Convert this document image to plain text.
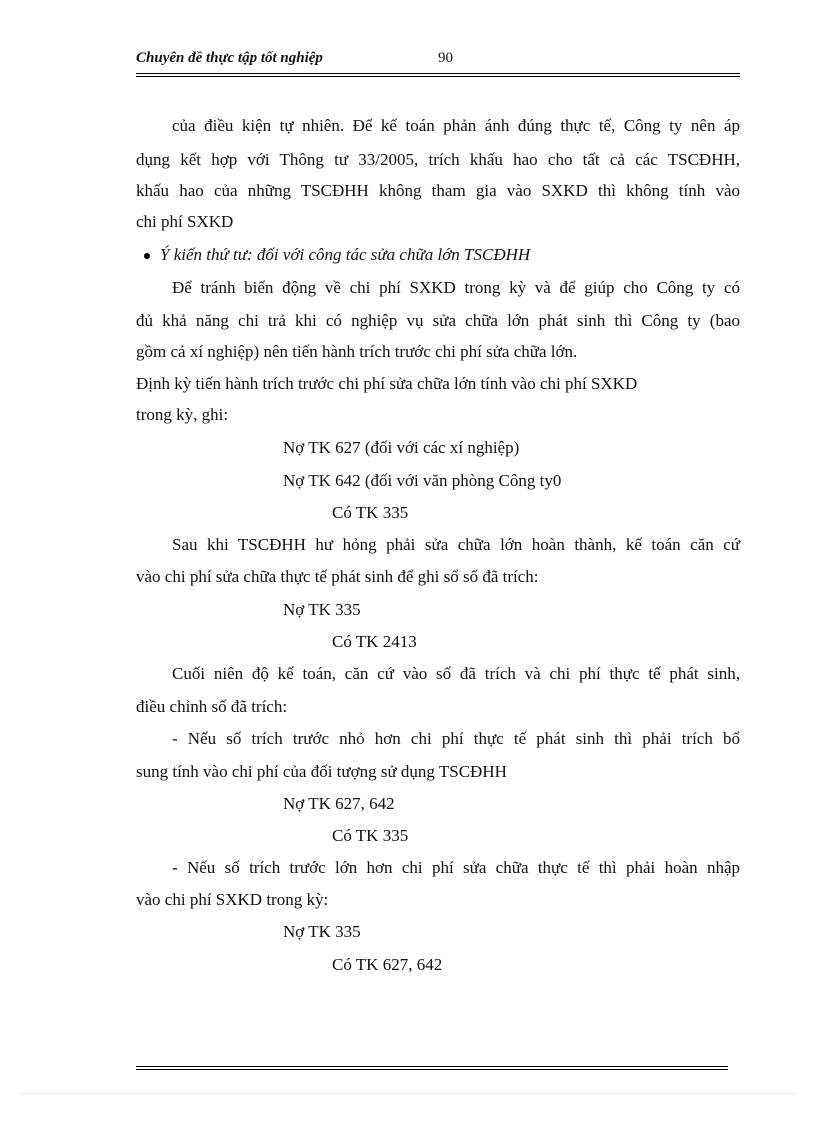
Chuyên đề thực tập tốt nghiệp	90
của điều kiện tự nhiên. Để kế toán phản ánh đúng thực tế, Công ty nên áp
dụng kết hợp với Thông tư 33/2005, trích khấu hao cho tất cả các TSCĐHH,
khấu hao của những TSCĐHH không tham gia vào SXKD thì không tính vào
chi phí SXKD
Ý kiến thứ tư: đối với công tác sửa chữa lớn TSCĐHH
Để tránh biến động về chi phí SXKD trong kỳ và để giúp cho Công ty có
đủ khả năng chi trả khi có nghiệp vụ sửa chữa lớn phát sinh thì Công ty (bao
gồm cả xí nghiệp) nên tiến hành trích trước chi phí sửa chữa lớn.
Định kỳ tiến hành trích trước chi phí sửa chữa lớn tính vào chi phí SXKD
trong kỳ, ghi:
Nợ TK 627 (đối với các xí nghiệp)
Nợ TK 642 (đối với văn phòng Công ty0
Có TK 335
Sau khi TSCĐHH hư hỏng phải sửa chữa lớn hoàn thành, kế toán căn cứ
vào chi phí sửa chữa thực tế phát sinh để ghi sổ số đã trích:
Nợ TK 335
Có TK 2413
Cuối niên độ kế toán, căn cứ vào số đã trích và chi phí thực tế phát sinh,
điều chỉnh số đã trích:
- Nếu số trích trước nhỏ hơn chi phí thực tế phát sinh thì phải trích bổ
sung tính vào chi phí của đối tượng sử dụng TSCĐHH
Nợ TK 627, 642
Có TK 335
- Nếu số trích trước lớn hơn chi phí sửa chữa thực tế thì phải hoàn nhập
vào chi phí SXKD trong kỳ:
Nợ TK 335
Có TK 627, 642
